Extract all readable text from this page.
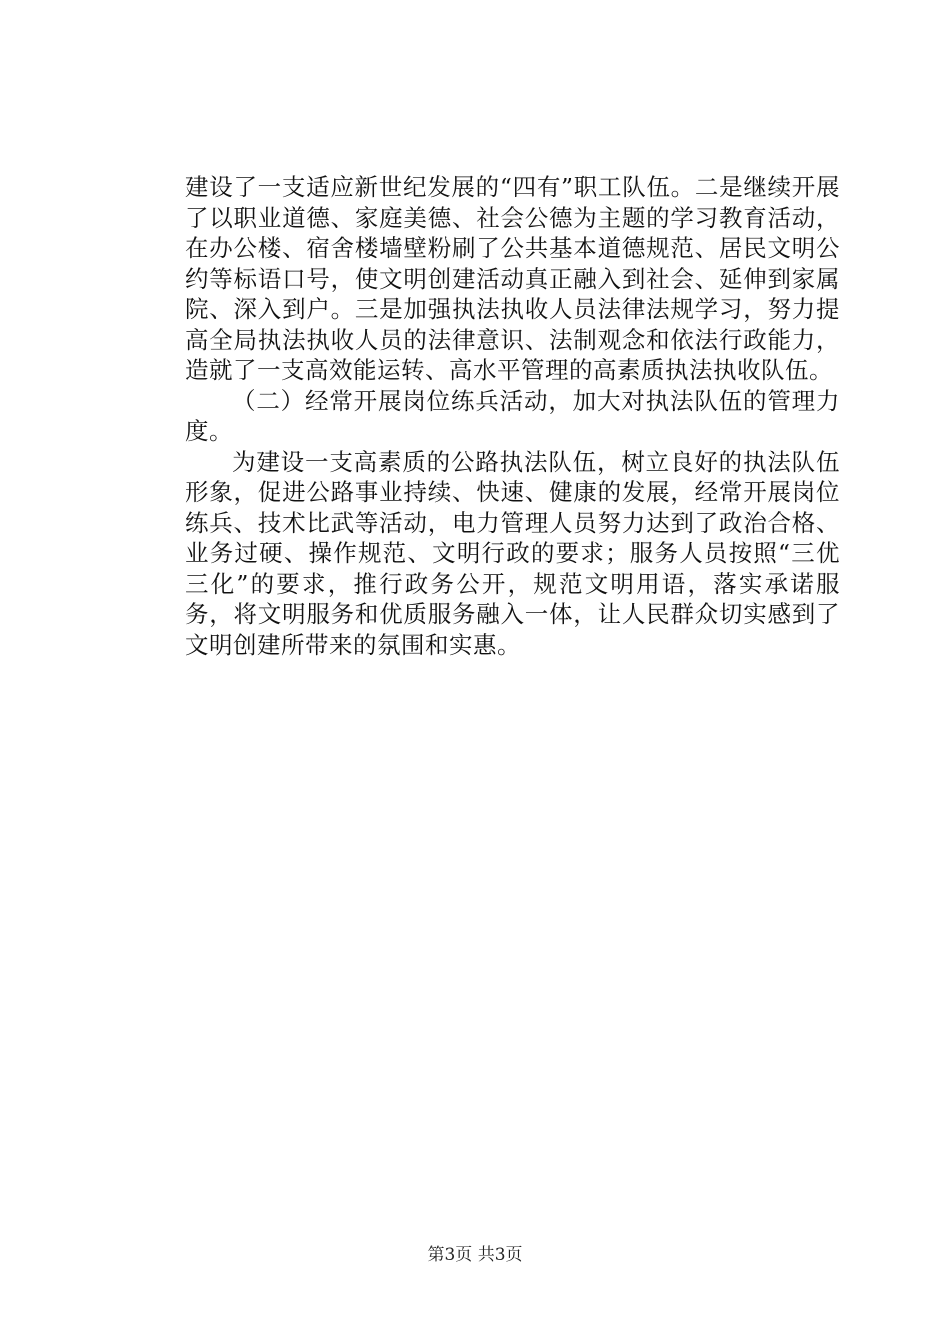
建设了一支适应新世纪发展的“四有”职工队伍。二是继续开展了以职业道德、家庭美德、社会公德为主题的学习教育活动，在办公楼、宿舍楼墙壁粉刷了公共基本道德规范、居民文明公约等标语口号，使文明创建活动真正融入到社会、延伸到家属院、深入到户。三是加强执法执收人员法律法规学习，努力提高全局执法执收人员的法律意识、法制观念和依法行政能力，造就了一支高效能运转、高水平管理的高素质执法执收队伍。

（二）经常开展岗位练兵活动，加大对执法队伍的管理力度。

为建设一支高素质的公路执法队伍，树立良好的执法队伍形象，促进公路事业持续、快速、健康的发展，经常开展岗位练兵、技术比武等活动，电力管理人员努力达到了政治合格、业务过硬、操作规范、文明行政的要求；服务人员按照“三优三化”的要求，推行政务公开，规范文明用语，落实承诺服务，将文明服务和优质服务融入一体，让人民群众切实感到了文明创建所带来的氛围和实惠。

第3页 共3页
